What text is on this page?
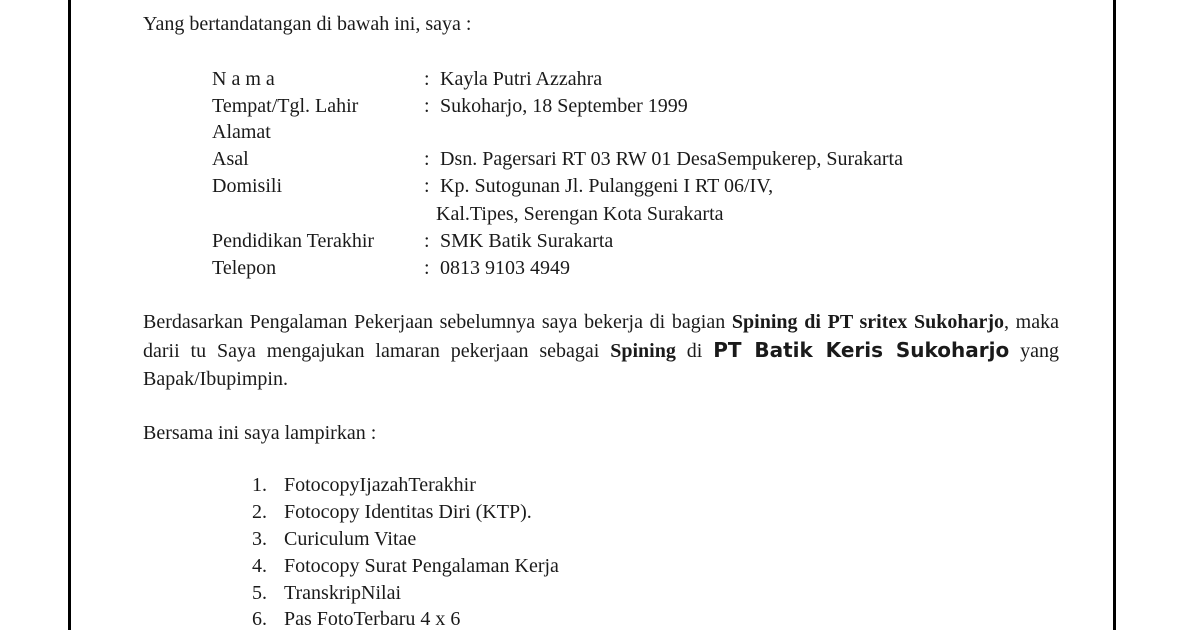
Yang bertandatangan di bawah ini, saya :
N a m a	: Kayla Putri Azzahra
Tempat/Tgl. Lahir	: Sukoharjo, 18 September 1999
Alamat
Asal	: Dsn. Pagersari RT 03 RW 01 DesaSempukerep, Surakarta
Domisili	: Kp. Sutogunan Jl. Pulanggeni I RT 06/IV,
Kal.Tipes, Serengan Kota Surakarta
Pendidikan Terakhir : SMK Batik Surakarta
Telepon	: 0813 9103 4949
Berdasarkan Pengalaman Pekerjaan sebelumnya saya bekerja di bagian Spining di PT sritex Sukoharjo, maka darii tu Saya mengajukan lamaran pekerjaan sebagai Spining di PT Batik Keris Sukoharjo yang Bapak/Ibupimpin.
Bersama ini saya lampirkan :
1. FotocopyIjazahTerakhir
2. Fotocopy Identitas Diri (KTP).
3. Curiculum Vitae
4. Fotocopy Surat Pengalaman Kerja
5. TranskripNilai
6. Pas FotoTerbaru 4 x 6
